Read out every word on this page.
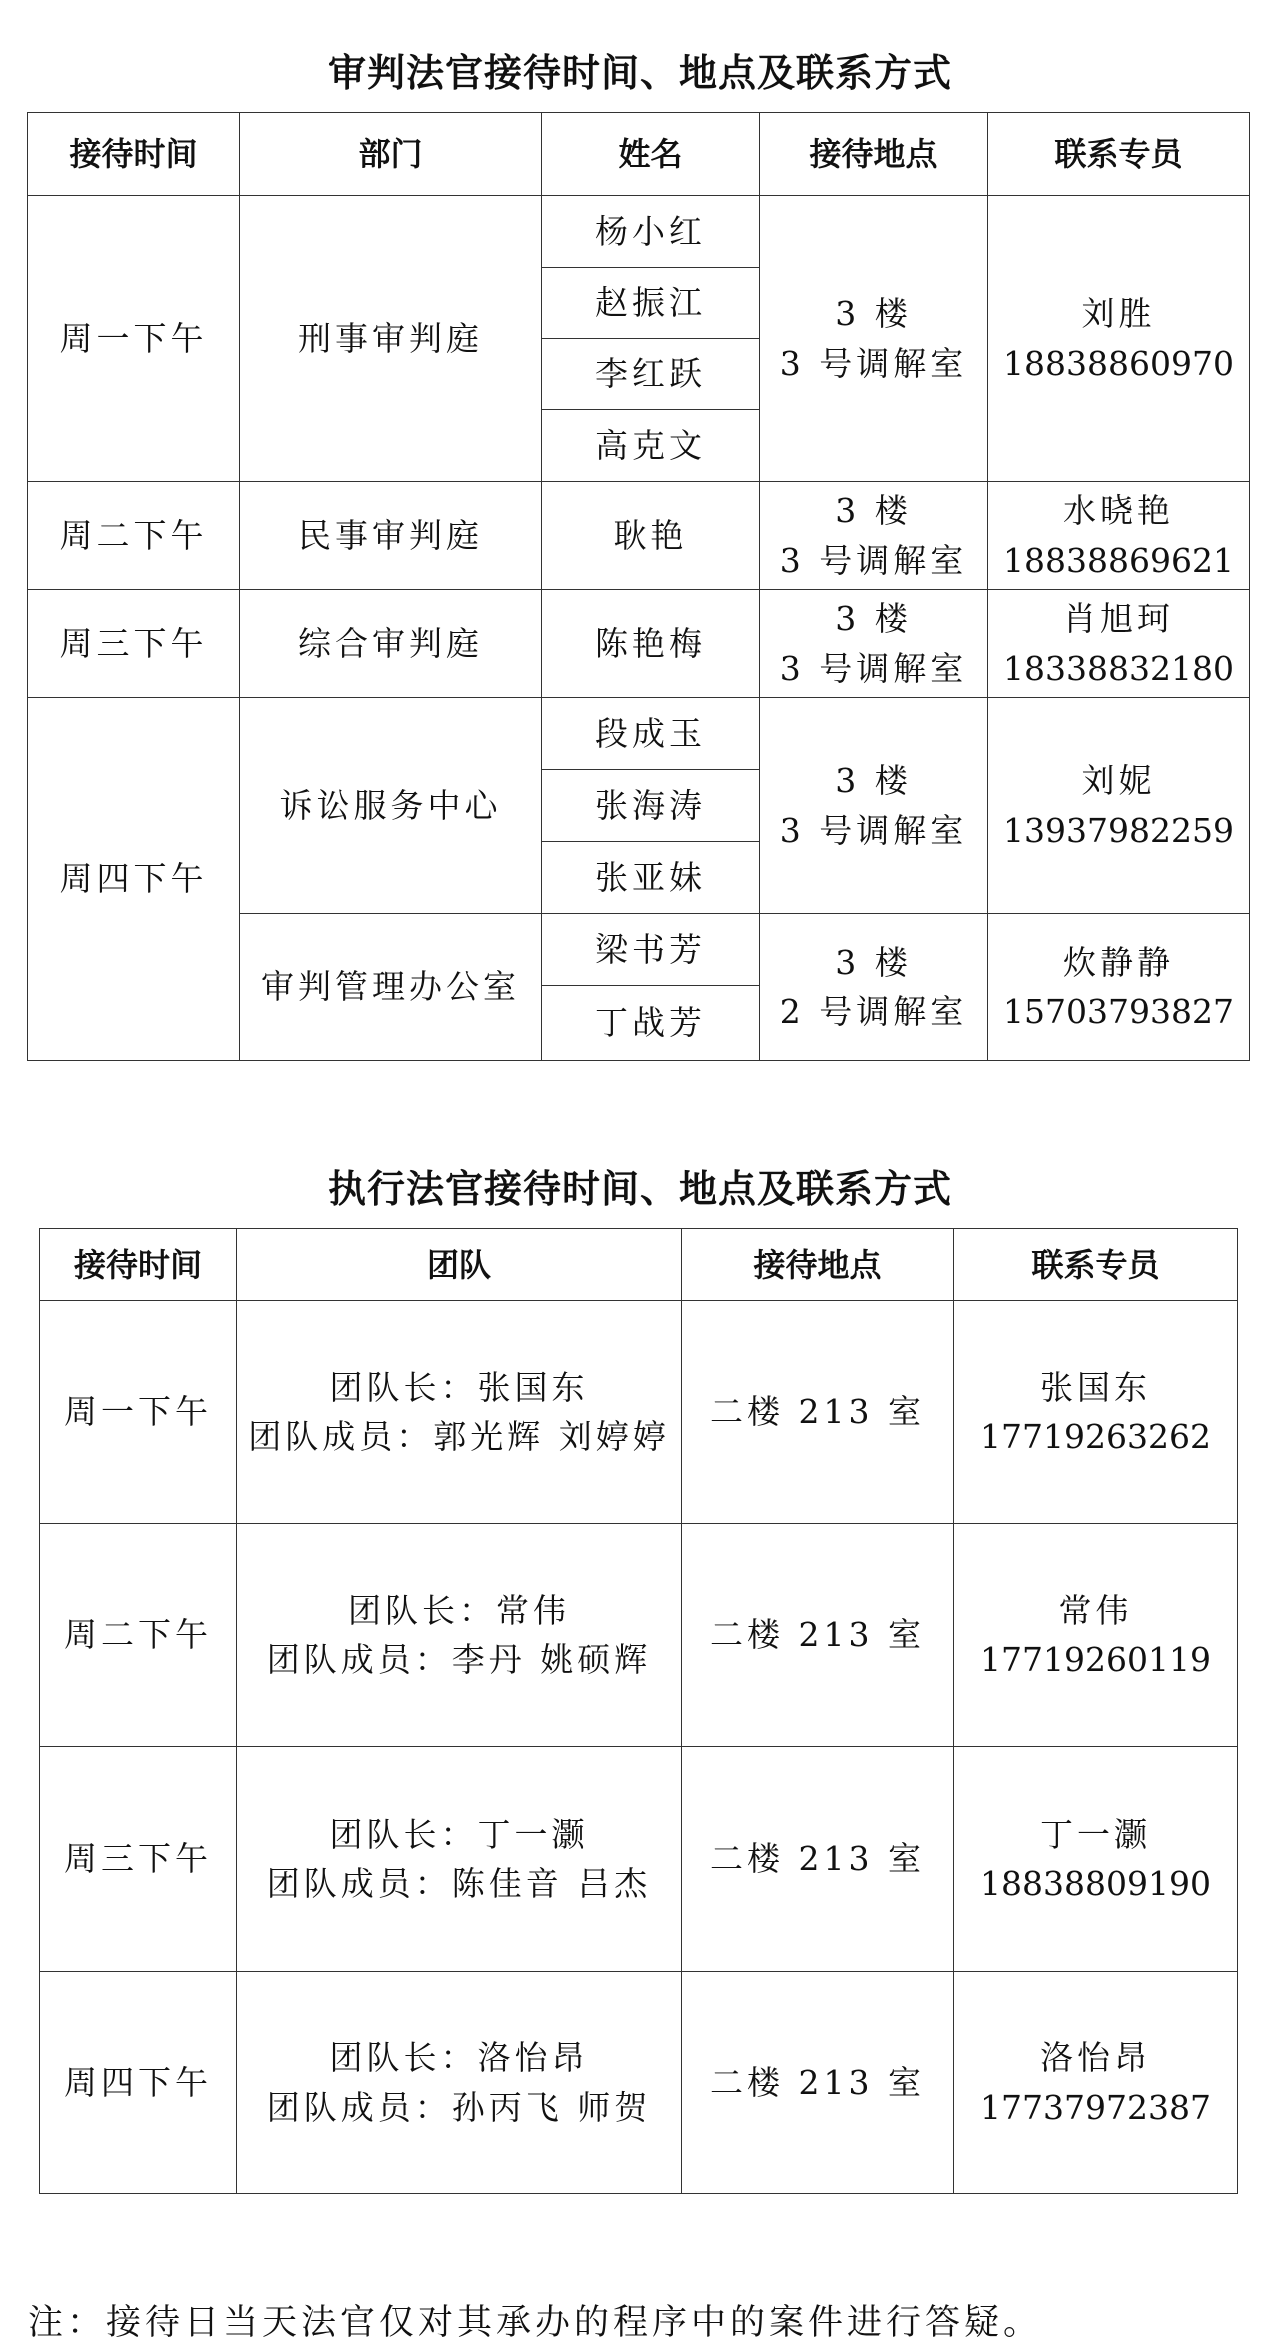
审判法官接待时间、地点及联系方式
接待时间	部门	姓名	接待地点	联系专员
周一下午	刑事审判庭	杨小红	3 楼
3 号调解室	刘胜
18838860970

		赵振江		
		李红跃		
		高克文		
周二下午	民事审判庭	耿艳	3 楼
3 号调解室	水晓艳
18838869621

周三下午	综合审判庭	陈艳梅	3 楼
3 号调解室	肖旭珂
18338832180

周四下午	诉讼服务中心	段成玉	3 楼
3 号调解室	刘妮
13937982259

		张海涛		
		张亚妹		
	审判管理办公室	梁书芳	3 楼
2 号调解室	炊静静
15703793827

		丁战芳		
执行法官接待时间、地点及联系方式
接待时间	团队	接待地点	联系专员
周一下午	团队长：张国东
团队成员：郭光辉 刘婷婷	二楼 213 室	张国东
17719263262

周二下午	团队长：常伟
团队成员：李丹 姚硕辉	二楼 213 室	常伟
17719260119

周三下午	团队长：丁一灏
团队成员：陈佳音 吕杰	二楼 213 室	丁一灏
18838809190

周四下午	团队长：洛怡昂
团队成员：孙丙飞 师贺	二楼 213 室	洛怡昂
17737972387
注：接待日当天法官仅对其承办的程序中的案件进行答疑。
